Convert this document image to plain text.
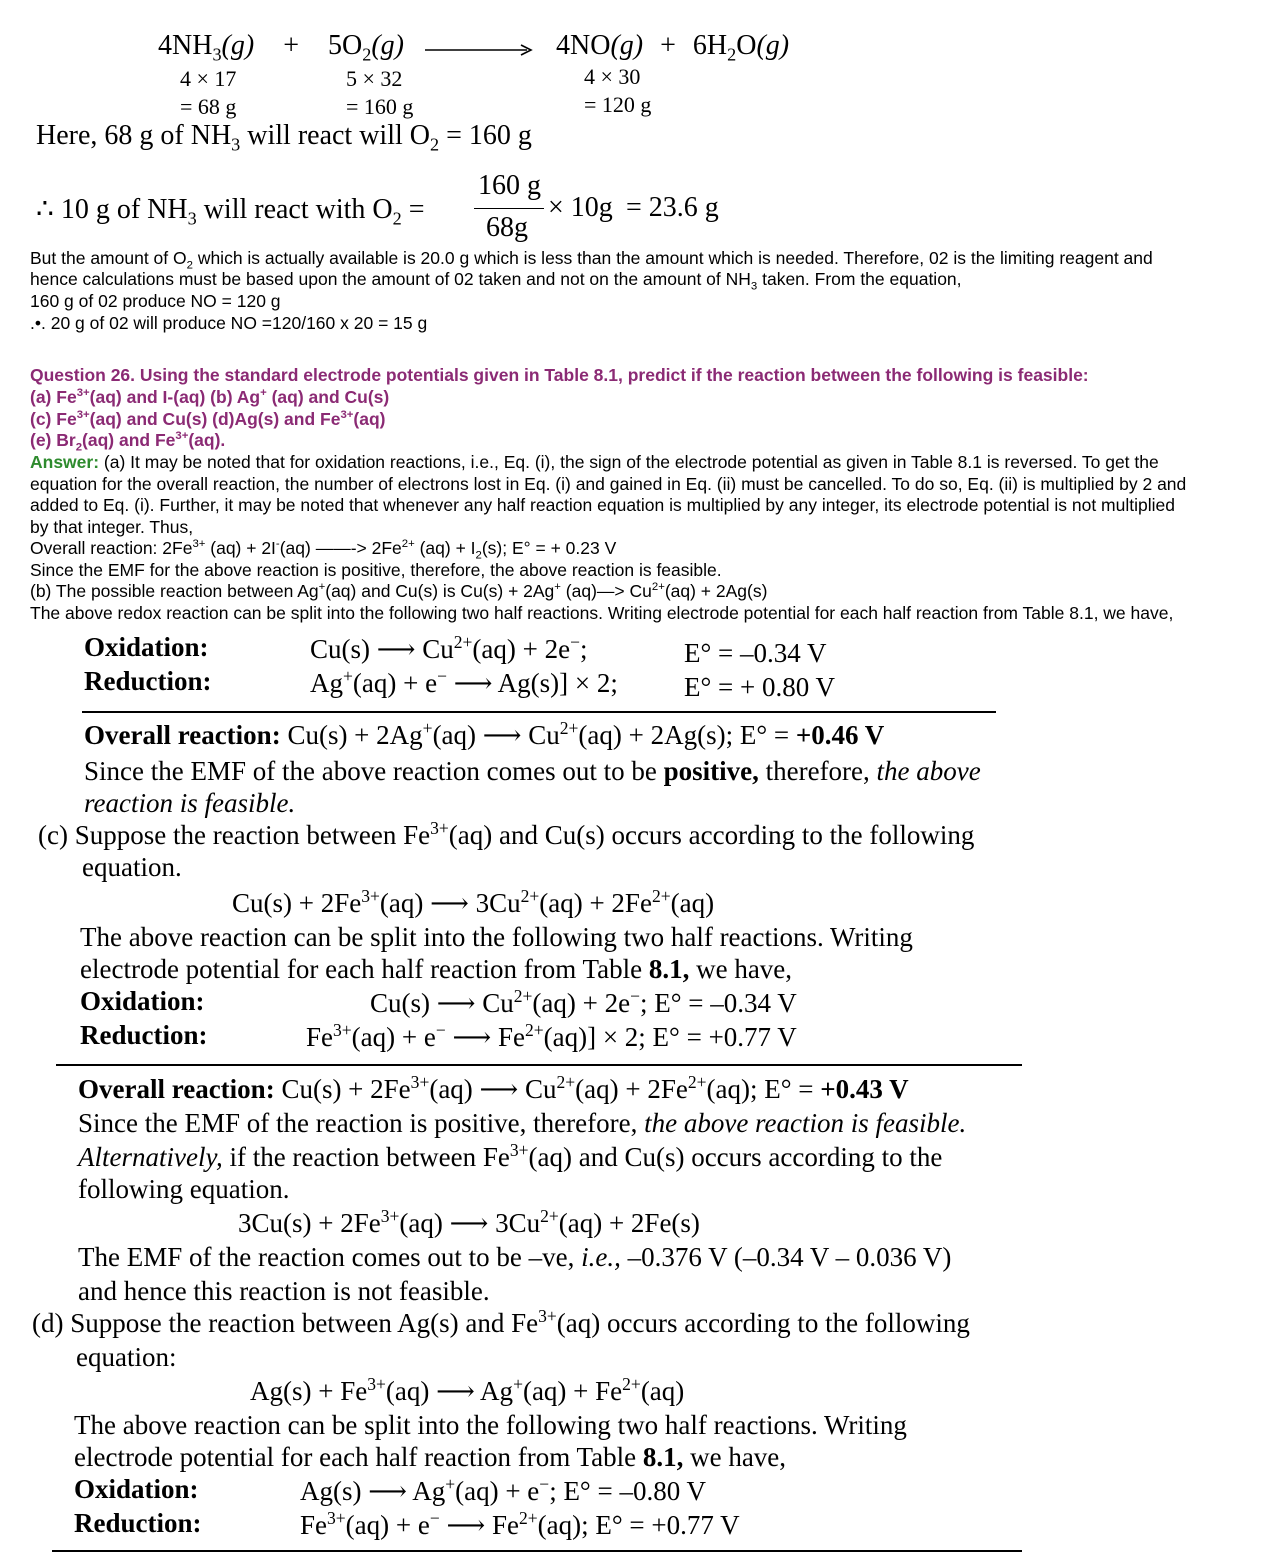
$4NH_3(g) + 5O_2(g) \to 4NO(g) + 6H_2O(g)$
4 × 17
= 68 g
5 × 32
= 160 g
4 × 30
= 120 g
Here, 68 g of $NH_3$ will react will $O_2 = 160$ g
∴ 10 g of $NH_3$ will react with $O_2$ =
160 g
68g
× 10g = 23.6 g
But the amount of $O_2$ which is actually available is 20.0 g which is less than the amount which is needed. Therefore, 02 is the limiting reagent and
hence calculations must be based upon the amount of 02 taken and not on the amount of $NH_3$ taken. From the equation,
160 g of 02 produce NO = 120 g
.•. 20 g of 02 will produce NO =120/160 x 20 = 15 g
Question 26. Using the standard electrode potentials given in Table 8.1, predict if the reaction between the following is feasible:
(a) $Fe^{3+}(aq)$ and I-(aq) (b) Ag+ (aq) and Cu(s)
(c) $Fe^{3+}(aq)$ and Cu(s) (d)Ag(s) and $Fe^{3+}(aq)$
(e) $Br_2(aq)$ and $Fe^{3+}(aq)$.
Answer: (a) It may be noted that for oxidation reactions, i.e., Eq. (i), the sign of the electrode potential as given in Table 8.1 is reversed. To get the
equation for the overall reaction, the number of electrons lost in Eq. (i) and gained in Eq. (ii) must be cancelled. To do so, Eq. (ii) is multiplied by 2 and
added to Eq. (i). Further, it may be noted that whenever any half reaction equation is multiplied by any integer, its electrode potential is not multiplied
by that integer. Thus,
Overall reaction: $2Fe^{3+}$ (aq) + 2I-(aq) ——-> $2Fe^{2+}$ $(aq) + I_2(s)$; E° = + 0.23 V
Since the EMF for the above reaction is positive, therefore, the above reaction is feasible.
(b) The possible reaction between Ag+(aq) and Cu(s) is Cu(s) + 2Ag+ (aq)—> $Cu^{2+}(aq) + 2Ag(s)$
The above redox reaction can be split into the following two half reactions. Writing electrode potential for each half reaction from Table 8.1, we have,
Oxidation:	Cu(s) ⟶ $Cu^{2+}(aq) + 2e^-$;	E° = –0.34 V
Reduction:	Ag+(aq) + e− ⟶ Ag(s)] × 2; E° = + 0.80 V
Overall reaction: Cu(s) + 2Ag+(aq) ⟶ $Cu^{2+}(aq) + 2Ag(s)$; E° = +0.46 V
Since the EMF of the above reaction comes out to be positive, therefore, the above
reaction is feasible.
(c) Suppose the reaction between $Fe^{3+}(aq)$ and Cu(s) occurs according to the following
equation.
$Cu(s) + 2Fe^{3+}(aq)$ ⟶ $3Cu^{2+}(aq) + 2Fe^{2+}(aq)$
The above reaction can be split into the following two half reactions. Writing
electrode potential for each half reaction from Table 8.1, we have,
Oxidation:	Cu(s) ⟶ $Cu^{2+}(aq) + 2e^-$; E° = –0.34 V
Reduction:	$Fe^{3+}(aq) + e^-$ ⟶ $Fe^{2+}(aq)] \times 2$; E° = +0.77 V
Overall reaction: $Cu(s) + 2Fe^{3+}(aq)$ ⟶ $Cu^{2+}(aq) + 2Fe^{2+}(aq)$; E° = +0.43 V
Since the EMF of the reaction is positive, therefore, the above reaction is feasible.
Alternatively, if the reaction between $Fe^{3+}(aq)$ and Cu(s) occurs according to the
following equation.
$3Cu(s) + 2Fe^{3+}(aq)$ ⟶ $3Cu^{2+}(aq) + 2Fe(s)$
The EMF of the reaction comes out to be –ve, i.e., –0.376 V (–0.34 V – 0.036 V)
and hence this reaction is not feasible.
(d) Suppose the reaction between Ag(s) and $Fe^{3+}(aq)$ occurs according to the following
equation:
$Ag(s) + Fe^{3+}(aq)$ ⟶ $Ag^+(aq) + Fe^{2+}(aq)$
The above reaction can be split into the following two half reactions. Writing
electrode potential for each half reaction from Table 8.1, we have,
Oxidation:	Ag(s) ⟶ Ag+(aq) + e−; E° = –0.80 V
Reduction:	$Fe^{3+}(aq) + e^-$ ⟶ $Fe^{2+}(aq)$; E° = +0.77 V
